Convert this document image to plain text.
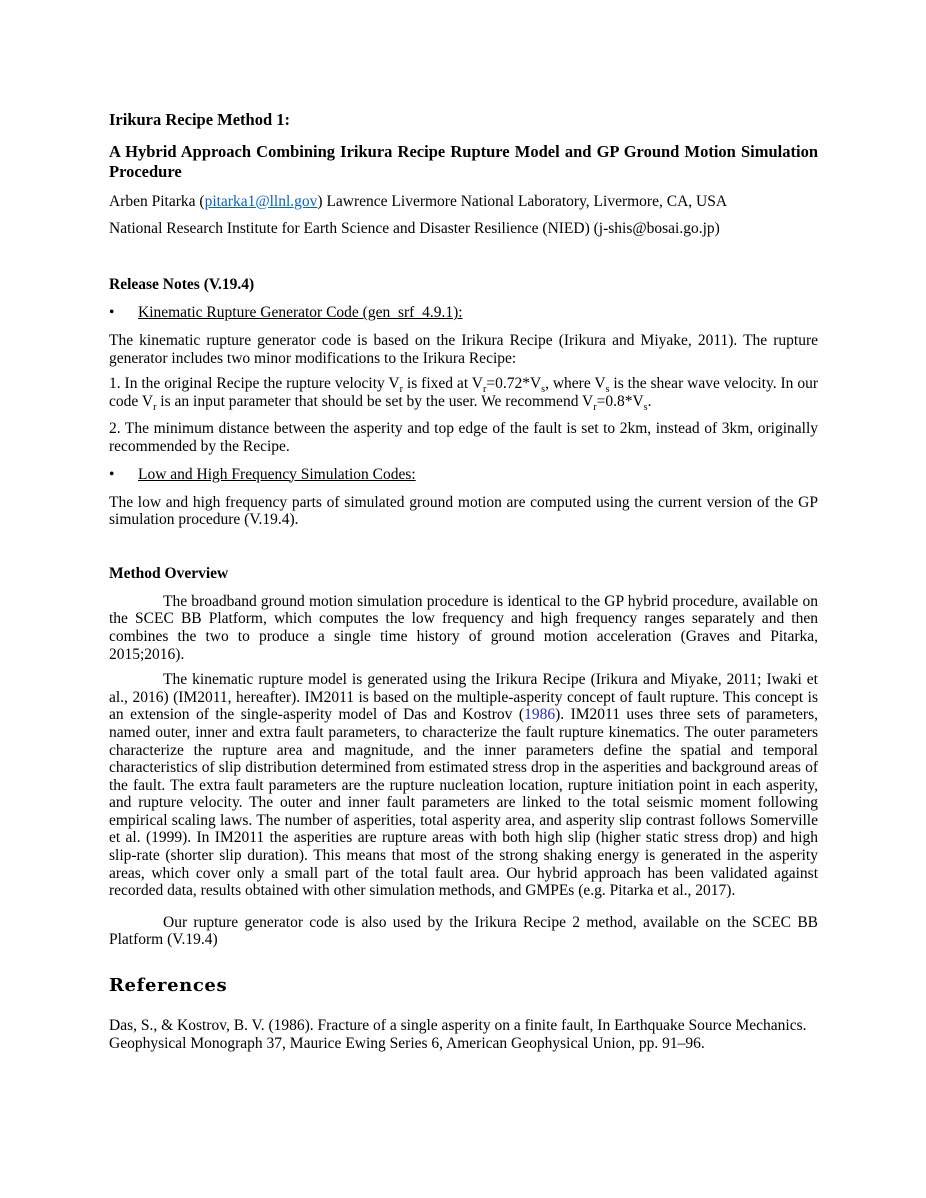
Irikura Recipe Method 1:
A Hybrid Approach Combining Irikura Recipe Rupture Model and GP Ground Motion Simulation Procedure

Arben Pitarka (pitarka1@llnl.gov) Lawrence Livermore National Laboratory, Livermore, CA, USA

National Research Institute for Earth Science and Disaster Resilience (NIED) (j-shis@bosai.go.jp)

Release Notes (V.19.4)
•	Kinematic Rupture Generator Code (gen_srf_4.9.1):

The kinematic rupture generator code is based on the Irikura Recipe (Irikura and Miyake, 2011). The rupture generator includes two minor modifications to the Irikura Recipe:

1. In the original Recipe the rupture velocity $V_r$ is fixed at $V_r=0.72*V_s$, where $V_s$ is the shear wave velocity. In our code $V_r$ is an input parameter that should be set by the user. We recommend $V_r=0.8*V_s$.

2. The minimum distance between the asperity and top edge of the fault is set to 2km, instead of 3km, originally recommended by the Recipe.

•	Low and High Frequency Simulation Codes:

The low and high frequency parts of simulated ground motion are computed using the current version of the GP simulation procedure (V.19.4).

Method Overview

The broadband ground motion simulation procedure is identical to the GP hybrid procedure, available on the SCEC BB Platform, which computes the low frequency and high frequency ranges separately and then combines the two to produce a single time history of ground motion acceleration (Graves and Pitarka, 2015;2016).

The kinematic rupture model is generated using the Irikura Recipe (Irikura and Miyake, 2011; Iwaki et al., 2016) (IM2011, hereafter). IM2011 is based on the multiple-asperity concept of fault rupture. This concept is an extension of the single-asperity model of Das and Kostrov (1986). IM2011 uses three sets of parameters, named outer, inner and extra fault parameters, to characterize the fault rupture kinematics. The outer parameters characterize the rupture area and magnitude, and the inner parameters define the spatial and temporal characteristics of slip distribution determined from estimated stress drop in the asperities and background areas of the fault. The extra fault parameters are the rupture nucleation location, rupture initiation point in each asperity, and rupture velocity. The outer and inner fault parameters are linked to the total seismic moment following empirical scaling laws. The number of asperities, total asperity area, and asperity slip contrast follows Somerville et al. (1999). In IM2011 the asperities are rupture areas with both high slip (higher static stress drop) and high slip-rate (shorter slip duration). This means that most of the strong shaking energy is generated in the asperity areas, which cover only a small part of the total fault area. Our hybrid approach has been validated against recorded data, results obtained with other simulation methods, and GMPEs (e.g. Pitarka et al., 2017).

Our rupture generator code is also used by the Irikura Recipe 2 method, available on the SCEC BB Platform (V.19.4)

References

Das, S., & Kostrov, B. V. (1986). Fracture of a single asperity on a finite fault, In Earthquake Source Mechanics. Geophysical Monograph 37, Maurice Ewing Series 6, American Geophysical Union, pp. 91–96.
